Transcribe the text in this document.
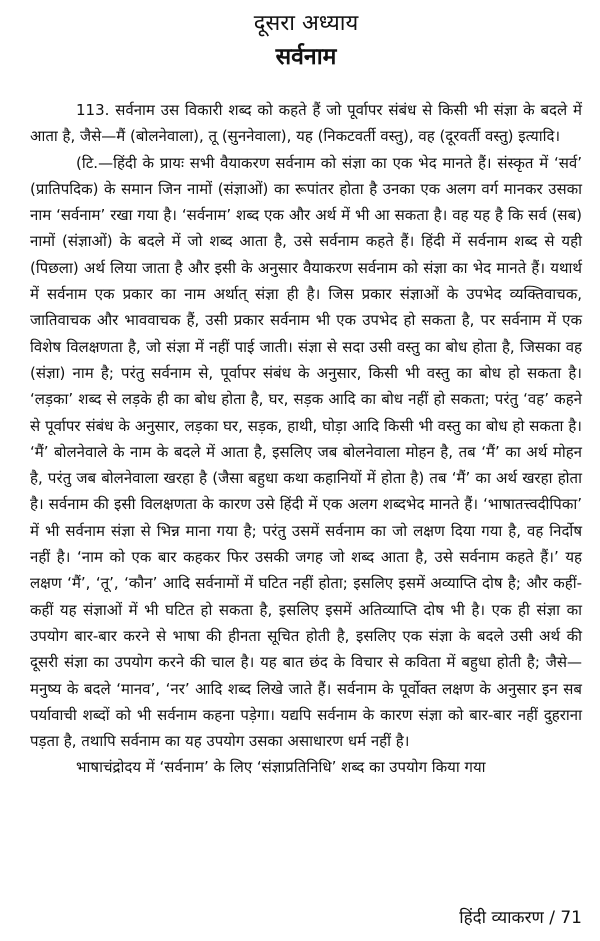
दूसरा अध्याय
सर्वनाम

113. सर्वनाम उस विकारी शब्द को कहते हैं जो पूर्वापर संबंध से किसी भी संज्ञा के बदले में आता है, जैसे—मैं (बोलनेवाला), तू (सुननेवाला), यह (निकटवर्ती वस्तु), वह (दूरवर्ती वस्तु) इत्यादि।

(टि.—हिंदी के प्रायः सभी वैयाकरण सर्वनाम को संज्ञा का एक भेद मानते हैं। संस्कृत में ‘सर्व’ (प्रातिपदिक) के समान जिन नामों (संज्ञाओं) का रूपांतर होता है उनका एक अलग वर्ग मानकर उसका नाम ‘सर्वनाम’ रखा गया है। ‘सर्वनाम’ शब्द एक और अर्थ में भी आ सकता है। वह यह है कि सर्व (सब) नामों (संज्ञाओं) के बदले में जो शब्द आता है, उसे सर्वनाम कहते हैं। हिंदी में सर्वनाम शब्द से यही (पिछला) अर्थ लिया जाता है और इसी के अनुसार वैयाकरण सर्वनाम को संज्ञा का भेद मानते हैं। यथार्थ में सर्वनाम एक प्रकार का नाम अर्थात् संज्ञा ही है। जिस प्रकार संज्ञाओं के उपभेद व्यक्तिवाचक, जातिवाचक और भाववाचक हैं, उसी प्रकार सर्वनाम भी एक उपभेद हो सकता है, पर सर्वनाम में एक विशेष विलक्षणता है, जो संज्ञा में नहीं पाई जाती। संज्ञा से सदा उसी वस्तु का बोध होता है, जिसका वह (संज्ञा) नाम है; परंतु सर्वनाम से, पूर्वापर संबंध के अनुसार, किसी भी वस्तु का बोध हो सकता है। ‘लड़का’ शब्द से लड़के ही का बोध होता है, घर, सड़क आदि का बोध नहीं हो सकता; परंतु ‘वह’ कहने से पूर्वापर संबंध के अनुसार, लड़का घर, सड़क, हाथी, घोड़ा आदि किसी भी वस्तु का बोध हो सकता है। ‘मैं’ बोलनेवाले के नाम के बदले में आता है, इसलिए जब बोलनेवाला मोहन है, तब ‘मैं’ का अर्थ मोहन है, परंतु जब बोलनेवाला खरहा है (जैसा बहुधा कथा कहानियों में होता है) तब ‘मैं’ का अर्थ खरहा होता है। सर्वनाम की इसी विलक्षणता के कारण उसे हिंदी में एक अलग शब्दभेद मानते हैं। ‘भाषातत्त्वदीपिका’ में भी सर्वनाम संज्ञा से भिन्न माना गया है; परंतु उसमें सर्वनाम का जो लक्षण दिया गया है, वह निर्दोष नहीं है। ‘नाम को एक बार कहकर फिर उसकी जगह जो शब्द आता है, उसे सर्वनाम कहते हैं।’ यह लक्षण ‘मैं’, ‘तू’, ‘कौन’ आदि सर्वनामों में घटित नहीं होता; इसलिए इसमें अव्याप्ति दोष है; और कहीं-कहीं यह संज्ञाओं में भी घटित हो सकता है, इसलिए इसमें अतिव्याप्ति दोष भी है। एक ही संज्ञा का उपयोग बार-बार करने से भाषा की हीनता सूचित होती है, इसलिए एक संज्ञा के बदले उसी अर्थ की दूसरी संज्ञा का उपयोग करने की चाल है। यह बात छंद के विचार से कविता में बहुधा होती है; जैसे—मनुष्य के बदले ‘मानव’, ‘नर’ आदि शब्द लिखे जाते हैं। सर्वनाम के पूर्वोक्त लक्षण के अनुसार इन सब पर्यावाची शब्दों को भी सर्वनाम कहना पड़ेगा। यद्यपि सर्वनाम के कारण संज्ञा को बार-बार नहीं दुहराना पड़ता है, तथापि सर्वनाम का यह उपयोग उसका असाधारण धर्म नहीं है।

भाषाचंद्रोदय में ‘सर्वनाम’ के लिए ‘संज्ञाप्रतिनिधि’ शब्द का उपयोग किया गया

हिंदी व्याकरण / 71
